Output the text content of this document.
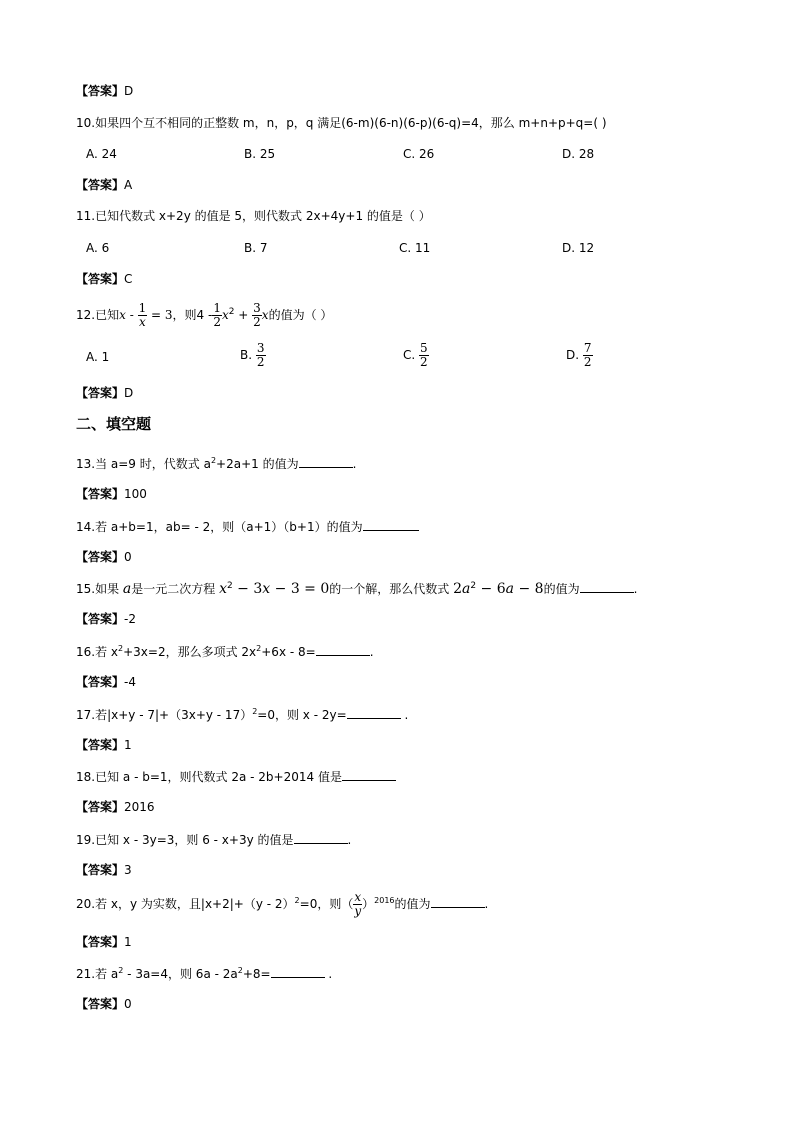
【答案】D
10.如果四个互不相同的正整数 m，n，p，q 满足(6-m)(6-n)(6-p)(6-q)=4，那么 m+n+p+q=( )
A. 24	B. 25	C. 26	D. 28
【答案】A
11.已知代数式 x+2y 的值是 5，则代数式 2x+4y+1 的值是（ ）
A. 6	B. 7	C. 11	D. 12
【答案】C
12.已知$x - \frac{1}{x} = 3$，则$4 - \frac{1}{2} x^2 + \frac{3}{2}$ x的值为（ ）
A. 1	B. $\frac{3}{2}$	C. $\frac{5}{2}$	D. $\frac{7}{2}$
【答案】D
二、填空题
13.当 a=9 时，代数式 $a^2+2a+1$ 的值为	.
【答案】100
14.若 a+b=1，ab= - 2，则（a+1）（b+1）的值为
【答案】0
15.如果 a是一元二次方程 $x^2 - 3x - 3 = 0$的一个解，那么代数式 $2a^2 - 6a - 8$的值为	.
【答案】-2
16.若 $x^2+3x=2$，那么多项式 $2x^2+6x - 8=$	.
【答案】-4
17.若$|x+y - 7|+(3x+y - 17)^2=0$，则 x - 2y=	.
【答案】1
18.已知 a - b=1，则代数式 2a - 2b+2014 值是
【答案】2016
19.已知 x - 3y=3，则 6 - x+3y 的值是	.
【答案】3
20.若 x，y 为实数，且|x+2|+（y - 2）$^2$=0，则（ $\frac{x}{y} )^{2016}$的值为	.
【答案】1
21.若 $a^2 - 3a=4$，则 $6a - 2a^2+8=$	.
【答案】0
